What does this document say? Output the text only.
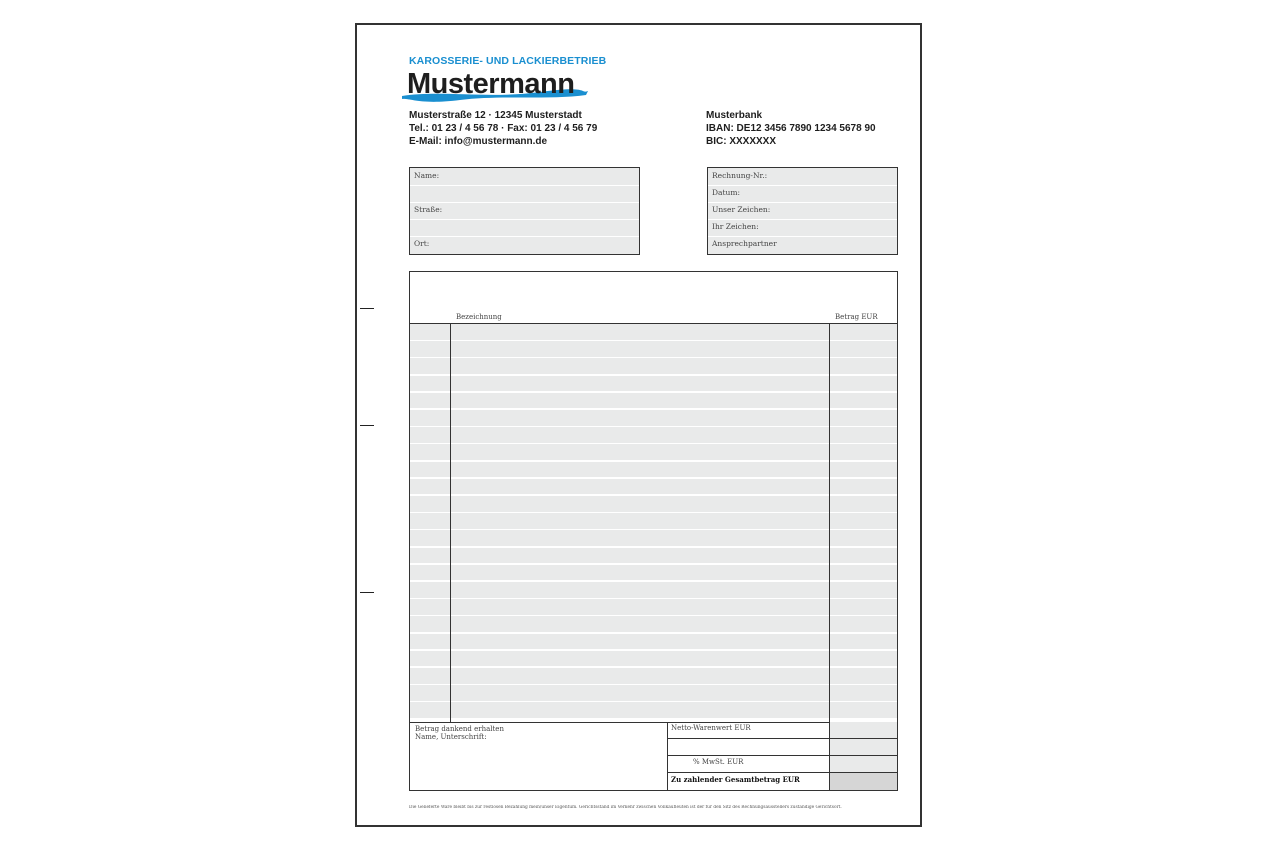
KAROSSERIE- UND LACKIERBETRIEB
Mustermann
Musterstraße 12 · 12345 Musterstadt
Tel.: 01 23 / 4 56 78 · Fax: 01 23 / 4 56 79
E-Mail: info@mustermann.de
Musterbank
IBAN: DE12 3456 7890 1234 5678 90
BIC: XXXXXXX
Name:
Straße:
Ort:
Rechnung-Nr.:
Datum:
Unser Zeichen:
Ihr Zeichen:
Ansprechpartner
Bezeichnung	Betrag EUR
Betrag dankend erhalten
Name, Unterschrift:
Netto-Warenwert EUR
% MwSt. EUR
Zu zahlender Gesamtbetrag EUR
Die Gelieferte Ware bleibt bis zur restlosen Bezahlung mein/unser Eigentum. Gerichtsstand im Verkehr zwischen Vollkaufleuten ist der für den Sitz des Rechnungsausstellers zuständige Gerichtsort.
